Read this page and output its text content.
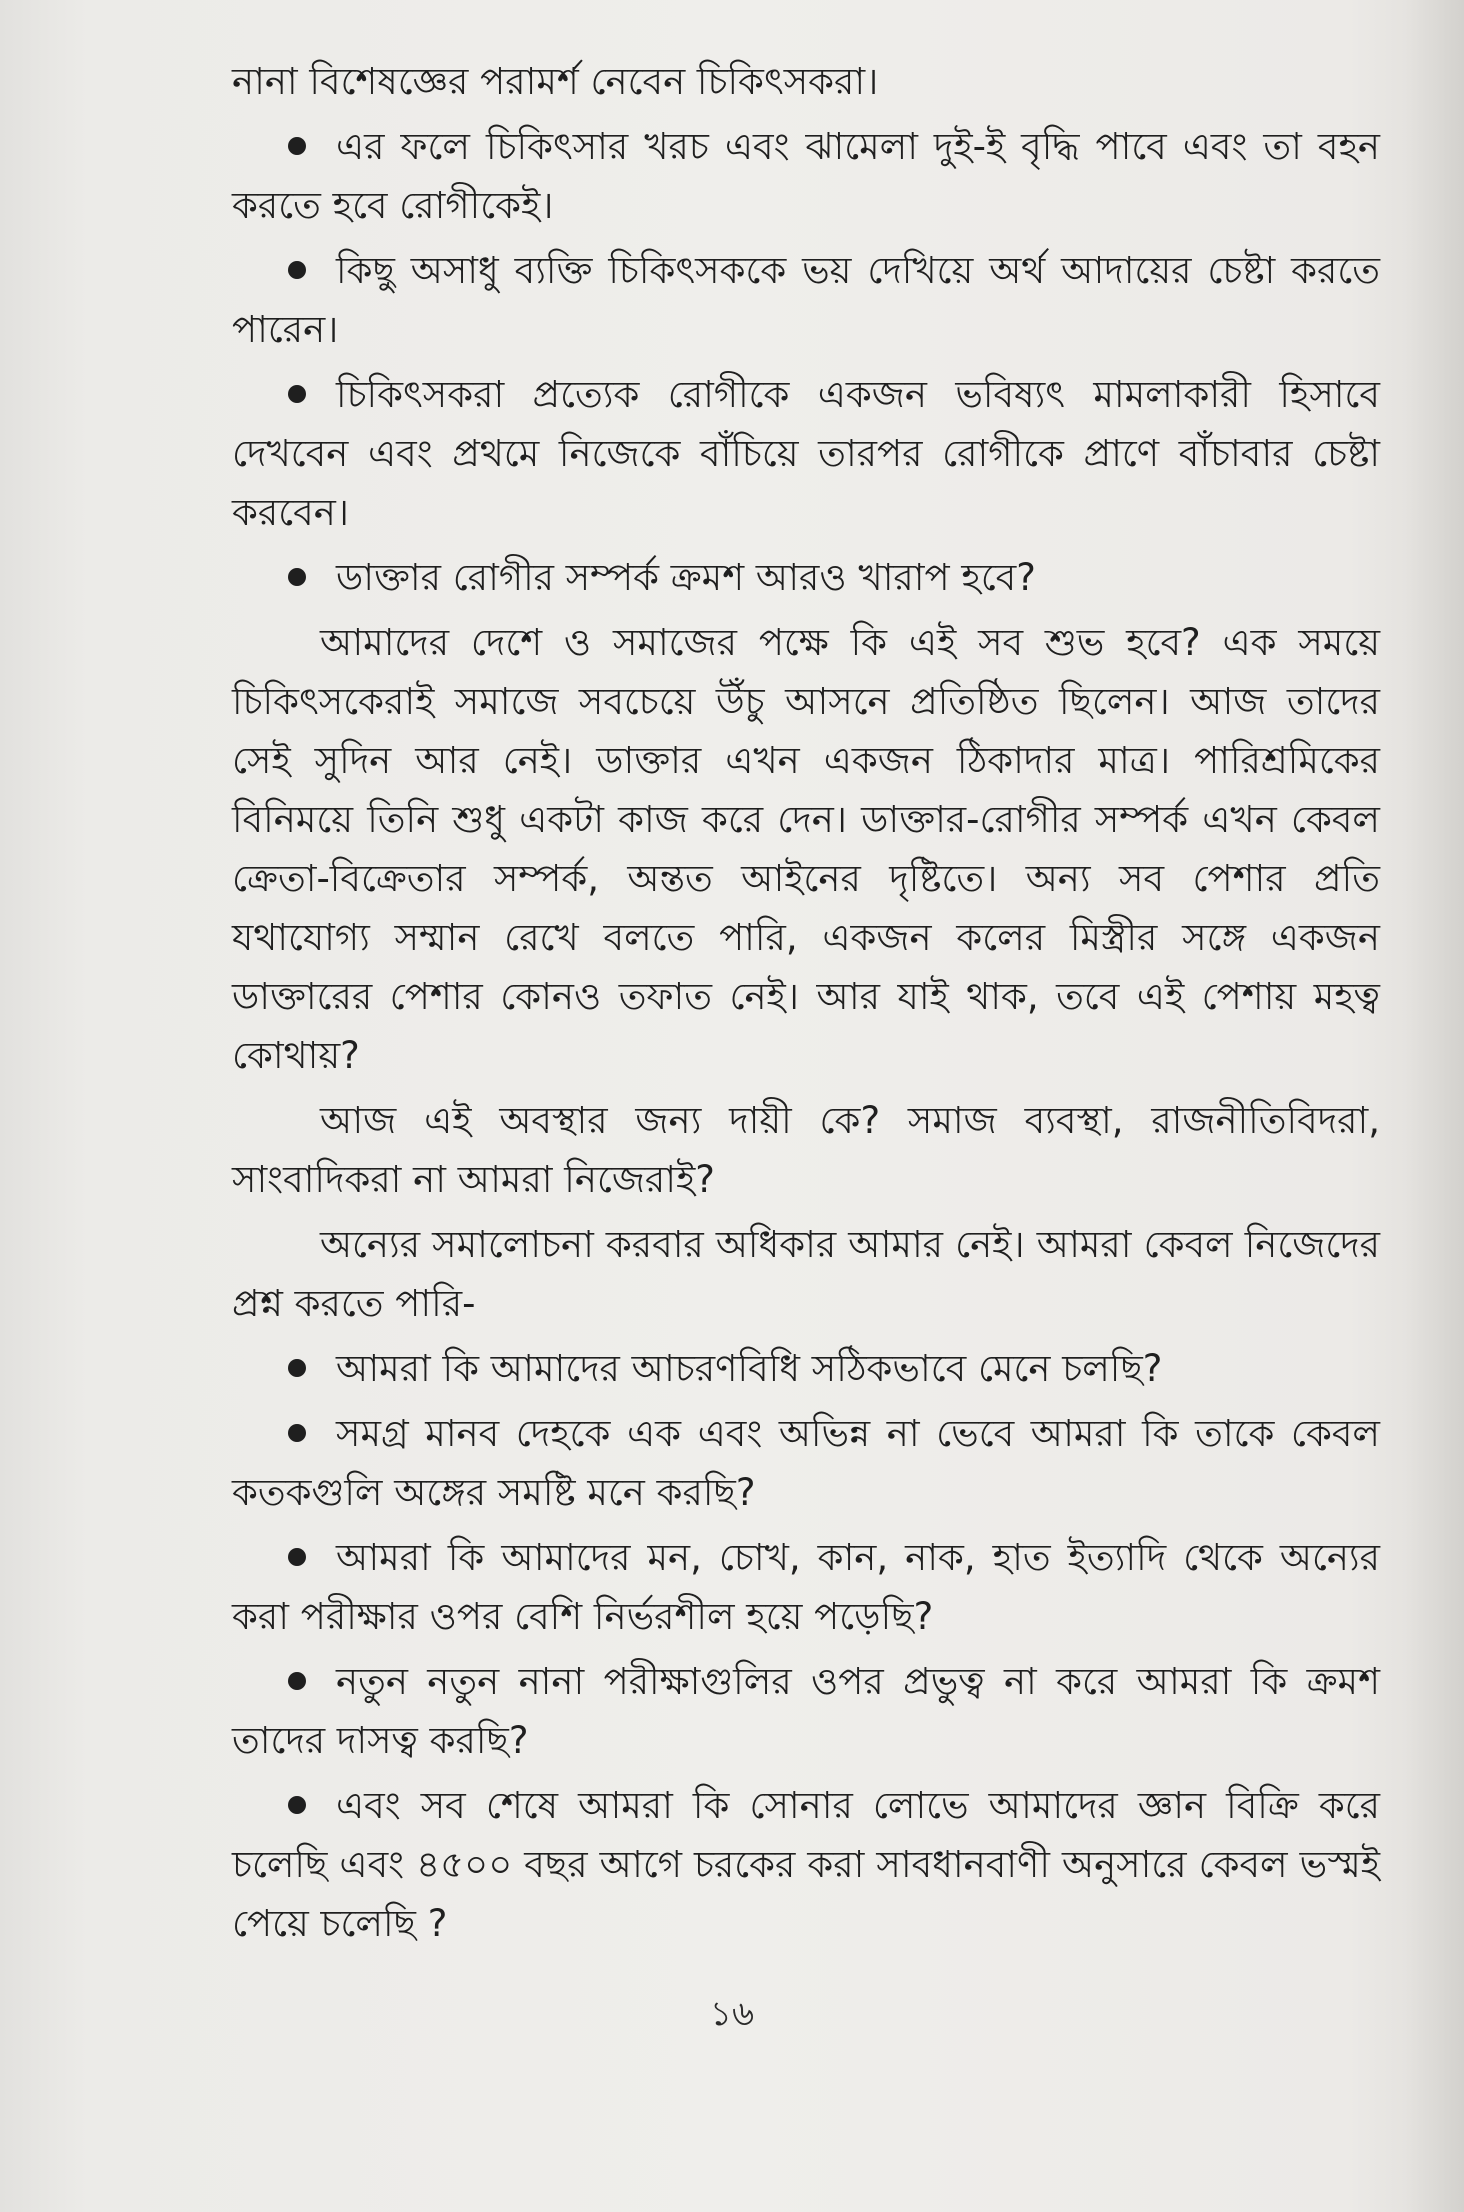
নানা বিশেষজ্ঞের পরামর্শ নেবেন চিকিৎসকরা।

এর ফলে চিকিৎসার খরচ এবং ঝামেলা দুই-ই বৃদ্ধি পাবে এবং তা বহন করতে হবে রোগীকেই।

কিছু অসাধু ব্যক্তি চিকিৎসককে ভয় দেখিয়ে অর্থ আদায়ের চেষ্টা করতে পারেন।

চিকিৎসকরা প্রত্যেক রোগীকে একজন ভবিষ্যৎ মামলাকারী হিসাবে দেখবেন এবং প্রথমে নিজেকে বাঁচিয়ে তারপর রোগীকে প্রাণে বাঁচাবার চেষ্টা করবেন।

ডাক্তার রোগীর সম্পর্ক ক্রমশ আরও খারাপ হবে?

আমাদের দেশে ও সমাজের পক্ষে কি এই সব শুভ হবে? এক সময়ে চিকিৎসকেরাই সমাজে সবচেয়ে উঁচু আসনে প্রতিষ্ঠিত ছিলেন। আজ তাদের সেই সুদিন আর নেই। ডাক্তার এখন একজন ঠিকাদার মাত্র। পারিশ্রমিকের বিনিময়ে তিনি শুধু একটা কাজ করে দেন। ডাক্তার-রোগীর সম্পর্ক এখন কেবল ক্রেতা-বিক্রেতার সম্পর্ক, অন্তত আইনের দৃষ্টিতে। অন্য সব পেশার প্রতি যথাযোগ্য সম্মান রেখে বলতে পারি, একজন কলের মিস্ত্রীর সঙ্গে একজন ডাক্তারের পেশার কোনও তফাত নেই। আর যাই থাক, তবে এই পেশায় মহত্ব কোথায়?

আজ এই অবস্থার জন্য দায়ী কে? সমাজ ব্যবস্থা, রাজনীতিবিদরা, সাংবাদিকরা না আমরা নিজেরাই?

অন্যের সমালোচনা করবার অধিকার আমার নেই। আমরা কেবল নিজেদের প্রশ্ন করতে পারি-

আমরা কি আমাদের আচরণবিধি সঠিকভাবে মেনে চলছি?

সমগ্র মানব দেহকে এক এবং অভিন্ন না ভেবে আমরা কি তাকে কেবল কতকগুলি অঙ্গের সমষ্টি মনে করছি?

আমরা কি আমাদের মন, চোখ, কান, নাক, হাত ইত্যাদি থেকে অন্যের করা পরীক্ষার ওপর বেশি নির্ভরশীল হয়ে পড়েছি?

নতুন নতুন নানা পরীক্ষাগুলির ওপর প্রভুত্ব না করে আমরা কি ক্রমশ তাদের দাসত্ব করছি?

এবং সব শেষে আমরা কি সোনার লোভে আমাদের জ্ঞান বিক্রি করে চলেছি এবং ৪৫০০ বছর আগে চরকের করা সাবধানবাণী অনুসারে কেবল ভস্মই পেয়ে চলেছি ?

১৬
